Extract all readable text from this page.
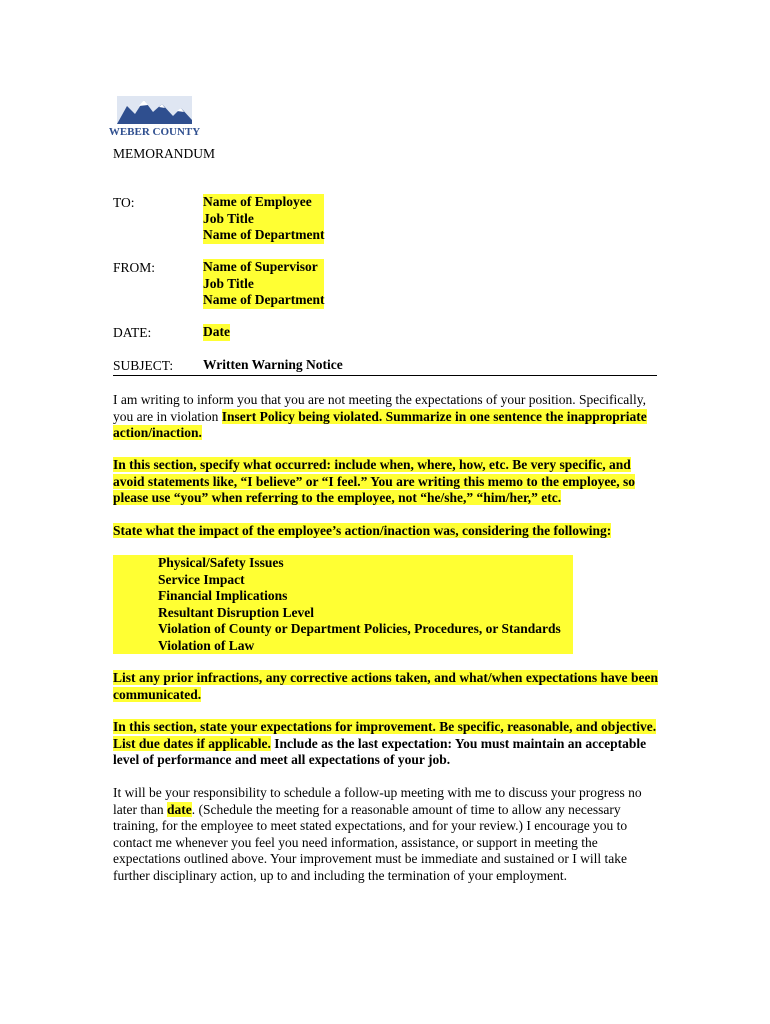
WEBER COUNTY
MEMORANDUM
TO:	Name of Employee
Job Title
Name of Department
FROM:	Name of Supervisor
Job Title
Name of Department
DATE:	Date
SUBJECT: Written Warning Notice
I am writing to inform you that you are not meeting the expectations of your position. Specifically, you are in violation Insert Policy being violated. Summarize in one sentence the inappropriate action/inaction.
In this section, specify what occurred: include when, where, how, etc. Be very specific, and avoid statements like, “I believe” or “I feel.” You are writing this memo to the employee, so please use “you” when referring to the employee, not “he/she,” “him/her,” etc.
State what the impact of the employee’s action/inaction was, considering the following:
Physical/Safety Issues
Service Impact
Financial Implications
Resultant Disruption Level
Violation of County or Department Policies, Procedures, or Standards
Violation of Law
List any prior infractions, any corrective actions taken, and what/when expectations have been communicated.
In this section, state your expectations for improvement. Be specific, reasonable, and objective. List due dates if applicable. Include as the last expectation: You must maintain an acceptable level of performance and meet all expectations of your job.
It will be your responsibility to schedule a follow-up meeting with me to discuss your progress no later than date. (Schedule the meeting for a reasonable amount of time to allow any necessary training, for the employee to meet stated expectations, and for your review.) I encourage you to contact me whenever you feel you need information, assistance, or support in meeting the expectations outlined above. Your improvement must be immediate and sustained or I will take further disciplinary action, up to and including the termination of your employment.
